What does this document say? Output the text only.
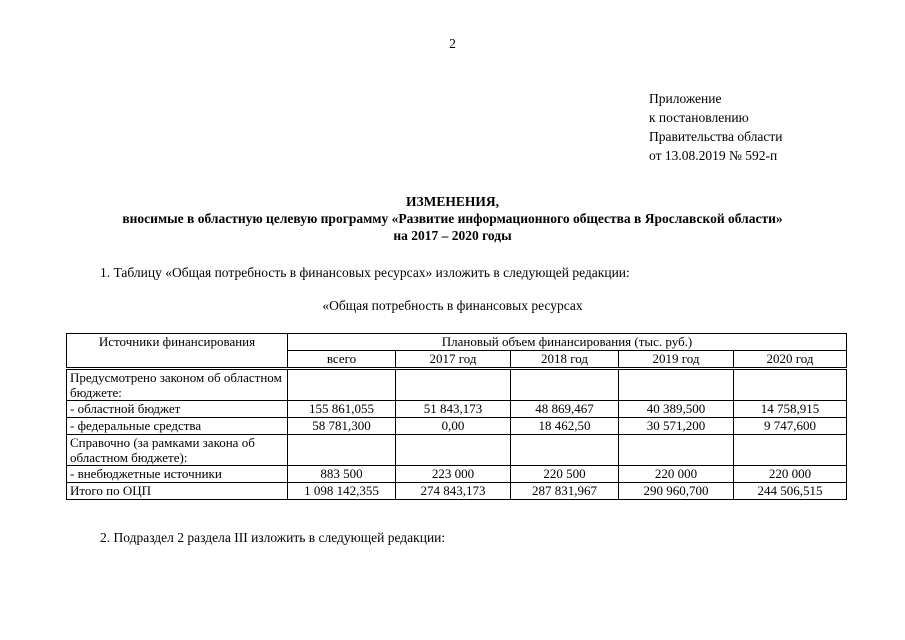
2
Приложение
к постановлению
Правительства области
от 13.08.2019 № 592-п
ИЗМЕНЕНИЯ,
вносимые в областную целевую программу «Развитие информационного общества в Ярославской области»
на 2017 – 2020 годы
1. Таблицу «Общая потребность в финансовых ресурсах» изложить в следующей редакции:
«Общая потребность в финансовых ресурсах
Источники финансирования	Плановый объем финансирования (тыс. руб.)				
	всего	2017 год	2018 год	2019 год	2020 год
Предусмотрено законом об областном бюджете:					
- областной бюджет	155 861,055	51 843,173	48 869,467	40 389,500	14 758,915
- федеральные средства	58 781,300	0,00	18 462,50	30 571,200	9 747,600
Справочно (за рамками закона об областном бюджете):					
- внебюджетные источники	883 500	223 000	220 500	220 000	220 000
Итого по ОЦП	1 098 142,355	274 843,173	287 831,967	290 960,700	244 506,515
2. Подраздел 2 раздела III изложить в следующей редакции:
